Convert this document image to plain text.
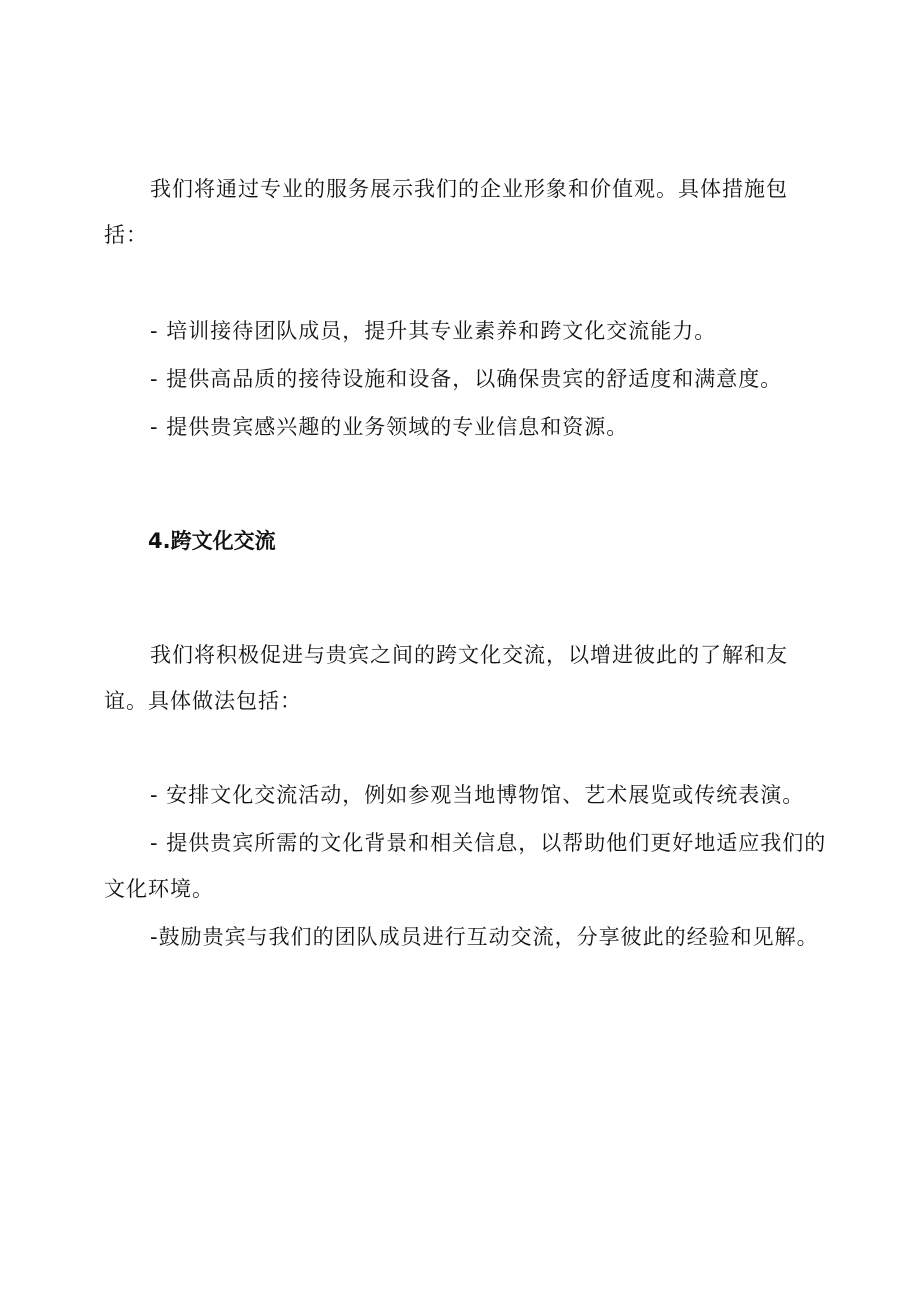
我们将通过专业的服务展示我们的企业形象和价值观。具体措施包括：

- 培训接待团队成员，提升其专业素养和跨文化交流能力。

- 提供高品质的接待设施和设备，以确保贵宾的舒适度和满意度。

- 提供贵宾感兴趣的业务领域的专业信息和资源。

4.跨文化交流

我们将积极促进与贵宾之间的跨文化交流，以增进彼此的了解和友谊。具体做法包括：

- 安排文化交流活动，例如参观当地博物馆、艺术展览或传统表演。

- 提供贵宾所需的文化背景和相关信息，以帮助他们更好地适应我们的文化环境。

-鼓励贵宾与我们的团队成员进行互动交流，分享彼此的经验和见解。
